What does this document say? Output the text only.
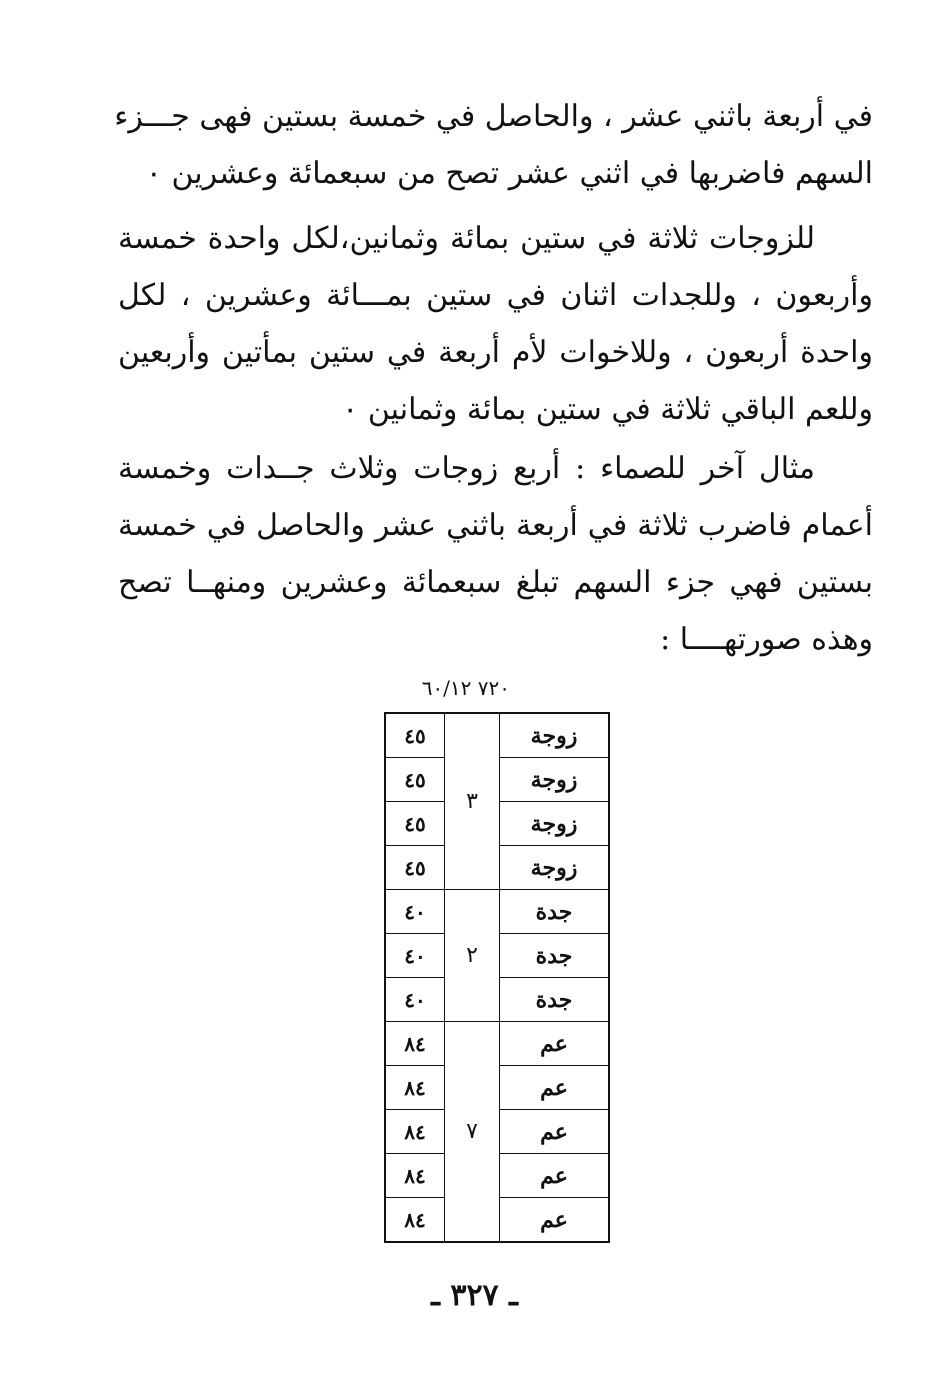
في أربعة باثني عشر ، والحاصل في خمسة بستين فهى جـــزء
السهم فاضربها في اثني عشر تصح من سبعمائة وعشرين ٠
للزوجات ثلاثة في ستين بمائة وثمانين،لكل واحدة خمسة
وأربعون ، وللجدات اثنان في ستين بمـــائة وعشرين ، لكل
واحدة أربعون ، وللاخوات لأم أربعة في ستين بمأتين وأربعين
وللعم الباقي ثلاثة في ستين بمائة وثمانين ٠
مثال آخر للصماء : أربع زوجات وثلاث جــدات وخمسة
أعمام فاضرب ثلاثة في أربعة باثني عشر والحاصل في خمسة
بستين فهي جزء السهم تبلغ سبعمائة وعشرين ومنهــا تصح
وهذه صورتهــــا :
٧٢٠ ٦٠/١٢
زوجة	٣	٤٥
زوجة		٤٥
زوجة		٤٥
زوجة		٤٥
جدة	٢	٤٠
جدة		٤٠
جدة		٤٠
عم	٧	٨٤
عم		٨٤
عم		٨٤
عم		٨٤
عم		٨٤
ـ ٣٢٧ ـ
